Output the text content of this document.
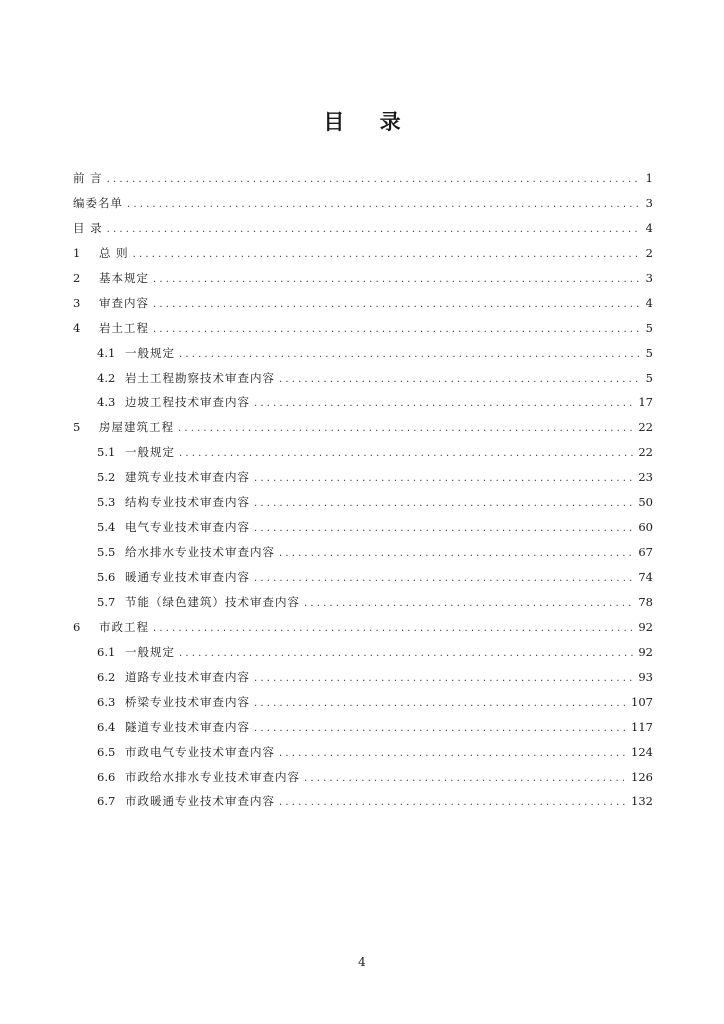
目 录
前 言 . . .	1
编委名单 . . .	3
目 录 . . .	4
1	总 则 . . .	2
2	基本规定 . . .	3
3	审查内容 . . .	4
4	岩土工程 . . .	5
4.1 一般规定 . . .	5
4.2 岩土工程勘察技术审查内容 . . .	5
4.3 边坡工程技术审查内容 . . .	17
5	房屋建筑工程 . . .	22
5.1 一般规定 . . .	22
5.2 建筑专业技术审查内容 . . .	23
5.3 结构专业技术审查内容 . . .	50
5.4 电气专业技术审查内容 . . .	60
5.5 给水排水专业技术审查内容 . . .	67
5.6 暖通专业技术审查内容 . . .	74
5.7 节能（绿色建筑）技术审查内容 . . .	78
6	市政工程 . . .	92
6.1 一般规定 . . .	92
6.2 道路专业技术审查内容 . . .	93
6.3 桥梁专业技术审查内容 . . .	107
6.4 隧道专业技术审查内容 . . .	117
6.5 市政电气专业技术审查内容 . . .	124
6.6 市政给水排水专业技术审查内容 . . .	126
6.7 市政暖通专业技术审查内容 . . .	132
4
